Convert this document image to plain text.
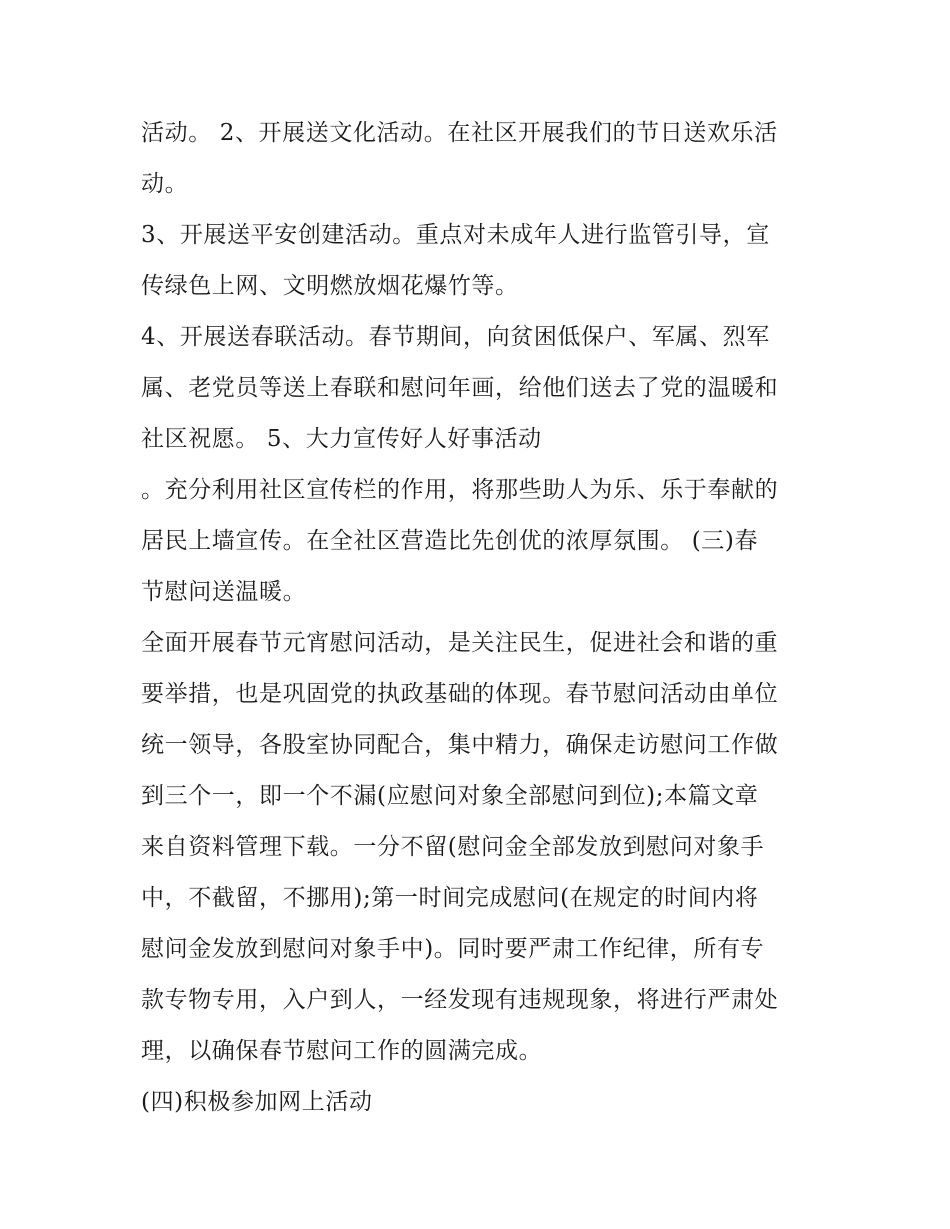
活动。 2、开展送文化活动。在社区开展我们的节日送欢乐活
动。
3、开展送平安创建活动。重点对未成年人进行监管引导，宣
传绿色上网、文明燃放烟花爆竹等。
4、开展送春联活动。春节期间，向贫困低保户、军属、烈军
属、老党员等送上春联和慰问年画，给他们送去了党的温暖和
社区祝愿。 5、大力宣传好人好事活动
。充分利用社区宣传栏的作用，将那些助人为乐、乐于奉献的
居民上墙宣传。在全社区营造比先创优的浓厚氛围。 (三)春
节慰问送温暖。
全面开展春节元宵慰问活动，是关注民生，促进社会和谐的重
要举措，也是巩固党的执政基础的体现。春节慰问活动由单位
统一领导，各股室协同配合，集中精力，确保走访慰问工作做
到三个一，即一个不漏(应慰问对象全部慰问到位);本篇文章
来自资料管理下载。一分不留(慰问金全部发放到慰问对象手
中，不截留，不挪用);第一时间完成慰问(在规定的时间内将
慰问金发放到慰问对象手中)。同时要严肃工作纪律，所有专
款专物专用，入户到人，一经发现有违规现象，将进行严肃处
理，以确保春节慰问工作的圆满完成。
(四)积极参加网上活动
